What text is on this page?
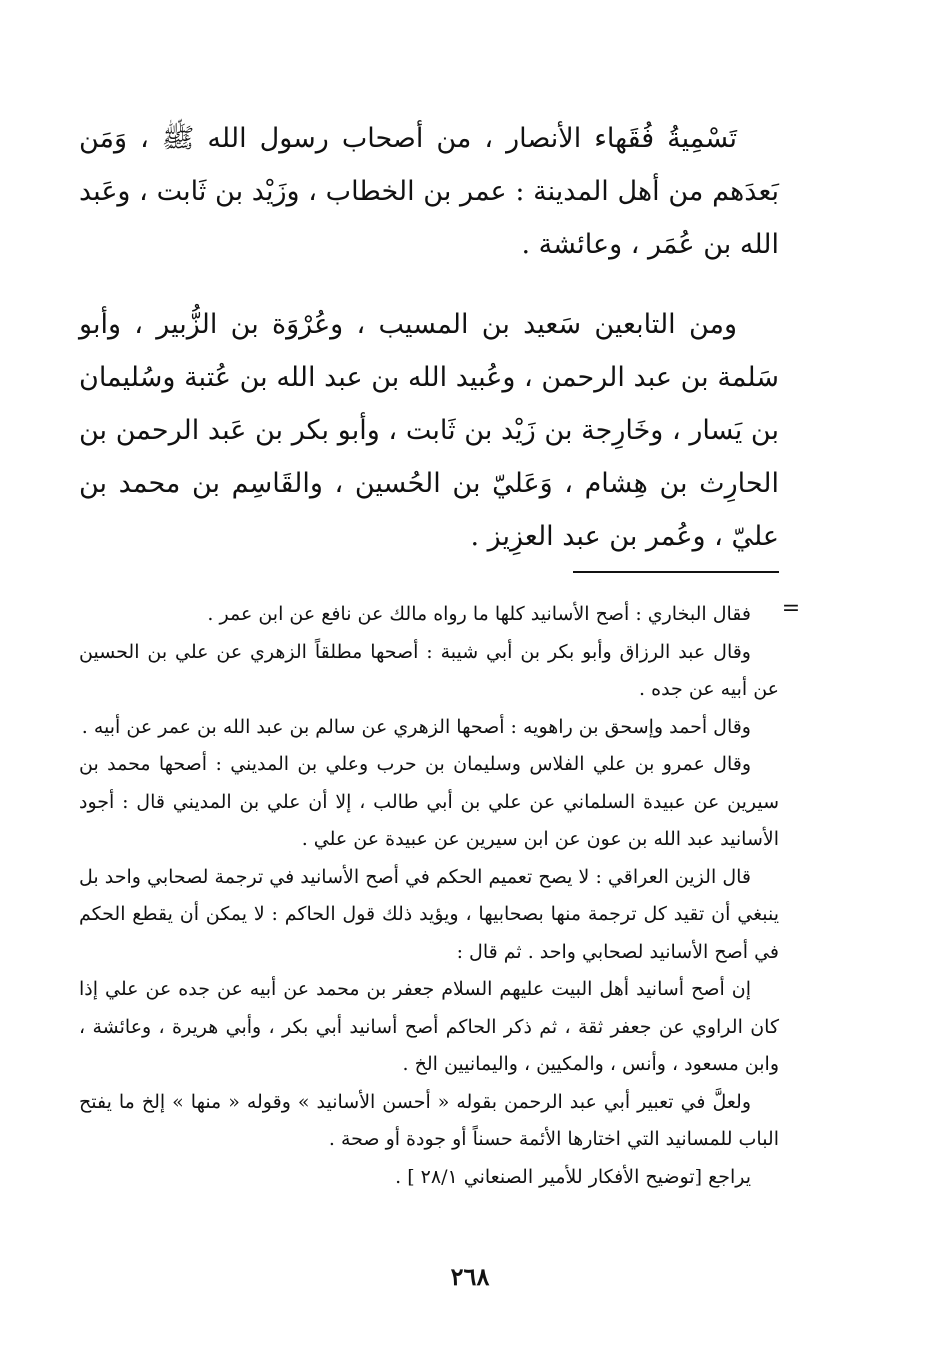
تَسْمِيةُ فُقَهاء الأنصار ، من أصحاب رسول الله ﷺ ، وَمَن بَعدَهم من أهل المدينة : عمر بن الخطاب ، وزَيْد بن ثَابت ، وعَبد الله بن عُمَر ، وعائشة .

ومن التابعين سَعيد بن المسيب ، وعُرْوَة بن الزُّبير ، وأبو سَلمة بن عبد الرحمن ، وعُبيد الله بن عبد الله بن عُتبة وسُليمان بن يَسار ، وخَارِجة بن زَيْد بن ثَابت ، وأبو بكر بن عَبد الرحمن بن الحارِث بن هِشام ، وَعَليّ بن الحُسين ، والقَاسِم بن محمد بن عليّ ، وعُمر بن عبد العزِيز .

=

فقال البخاري : أصح الأسانيد كلها ما رواه مالك عن نافع عن ابن عمر .

وقال عبد الرزاق وأبو بكر بن أبي شيبة : أصحها مطلقاً الزهري عن علي بن الحسين عن أبيه عن جده .

وقال أحمد وإسحق بن راهويه : أصحها الزهري عن سالم بن عبد الله بن عمر عن أبيه .

وقال عمرو بن علي الفلاس وسليمان بن حرب وعلي بن المديني : أصحها محمد بن سيرين عن عبيدة السلماني عن علي بن أبي طالب ، إلا أن علي بن المديني قال : أجود الأسانيد عبد الله بن عون عن ابن سيرين عن عبيدة عن علي .

قال الزين العراقي : لا يصح تعميم الحكم في أصح الأسانيد في ترجمة لصحابي واحد بل ينبغي أن تقيد كل ترجمة منها بصحابيها ، ويؤيد ذلك قول الحاكم : لا يمكن أن يقطع الحكم في أصح الأسانيد لصحابي واحد . ثم قال :

إن أصح أسانيد أهل البيت عليهم السلام جعفر بن محمد عن أبيه عن جده عن علي إذا كان الراوي عن جعفر ثقة ، ثم ذكر الحاكم أصح أسانيد أبي بكر ، وأبي هريرة ، وعائشة ، وابن مسعود ، وأنس ، والمكيين ، واليمانيين الخ .

ولعلَّ في تعبير أبي عبد الرحمن بقوله « أحسن الأسانيد » وقوله « منها » إلخ ما يفتح الباب للمسانيد التي اختارها الأئمة حسناً أو جودة أو صحة .

يراجع [توضيح الأفكار للأمير الصنعاني ٢٨/١ ] .

٢٦٨
